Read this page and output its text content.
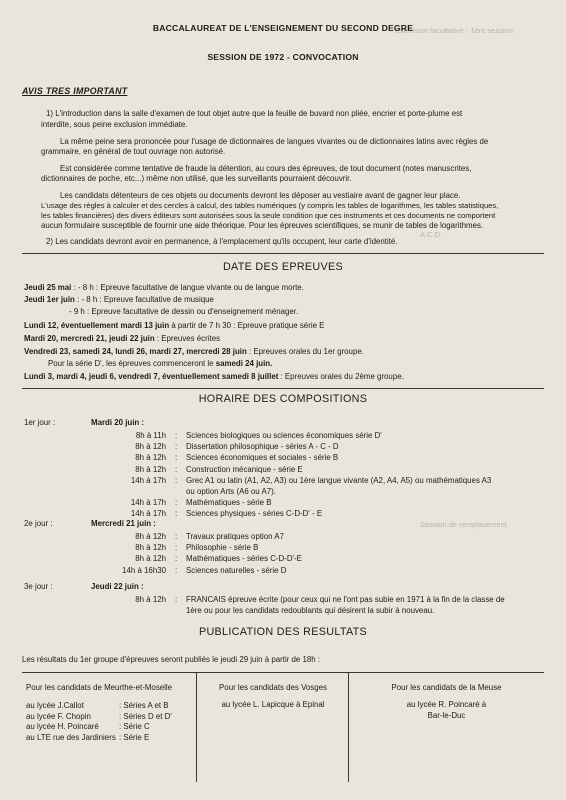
Extension facultative - 1ère session
A.C.D.
Session de remplacement
BACCALAUREAT DE L'ENSEIGNEMENT DU SECOND DEGRE
SESSION DE 1972 - CONVOCATION
AVIS TRES IMPORTANT
1) L'introduction dans la salle d'examen de tout objet autre que la feuille de buvard non pliée, encrier et porte-plume est
interdite, sous peine exclusion immédiate.
La même peine sera prononcée pour l'usage de dictionnaires de langues vivantes ou de dictionnaires latins avec règles de
grammaire, en général de tout ouvrage non autorisé.
Est considérée comme tentative de fraude la détention, au cours des épreuves, de tout document (notes manuscrites,
dictionnaires de poche, etc...) même non utilisé, que les surveillants pourraient découvrir.
Les candidats détenteurs de ces objets ou documents devront les déposer au vestiaire avant de gagner leur place.
L'usage des règles à calculer et des cercles à calcul, des tables numériques (y compris les tables de logarithmes, les tables statistiques,
les tables financières) des divers éditeurs sont autorisées sous la seule condition que ces instruments et ces documents ne comportent
aucun formulaire susceptible de fournir une aide théorique. Pour les épreuves scientifiques, se munir de tables de logarithmes.
2) Les candidats devront avoir en permanence, à l'emplacement qu'ils occupent, leur carte d'identité.
DATE DES EPREUVES
Jeudi 25 mai : - 8 h : Epreuve facultative de langue vivante ou de langue morte.
Jeudi 1er juin : - 8 h : Epreuve facultative de musique
- 9 h : Epreuve facultative de dessin ou d'enseignement ménager.
Lundi 12, éventuellement mardi 13 juin à partir de 7 h 30 : Epreuve pratique série E
Mardi 20, mercredi 21, jeudi 22 juin : Epreuves écrites
Vendredi 23, samedi 24, lundi 26, mardi 27, mercredi 28 juin : Epreuves orales du 1er groupe.
Pour la série D', les épreuves commenceront le samedi 24 juin.
Lundi 3, mardi 4, jeudi 6, vendredi 7, éventuellement samedi 8 juillet : Epreuves orales du 2ème groupe.
HORAIRE DES COMPOSITIONS
1er jour :	Mardi 20 juin :
8h à 11h : Sciences biologiques ou sciences économiques série D'
8h à 12h : Dissertation philosophique - séries A - C - D
8h à 12h : Sciences économiques et sociales - série B
8h à 12h : Construction mécanique - série E
14h à 17h : Grec A1 ou latin (A1, A2, A3) ou 1ère langue vivante (A2, A4, A5) ou mathématiques A3
ou option Arts (A6 ou A7).
14h à 17h : Mathématiques - série B
14h à 17h : Sciences physiques - séries C-D-D' - E
2e jour :	Mercredi 21 juin :
8h à 12h : Travaux pratiques option A7
8h à 12h : Philosophie - série B
8h à 12h : Mathématiques - séries C-D-D'-E
14h à 16h30 : Sciences naturelles - série D
3e jour :	Jeudi 22 juin :
8h à 12h : FRANCAIS épreuve écrite (pour ceux qui ne l'ont pas subie en 1971 à la fin de la classe de
1ère ou pour les candidats redoublants qui désirent la subir à nouveau.
PUBLICATION DES RESULTATS
Les résultats du 1er groupe d'épreuves seront publiés le jeudi 29 juin à partir de 18h :
Pour les candidats de Meurthe-et-Moselle
au lycée J.Callot	: Séries A et B
au lycée F. Chopin	: Séries D et D'
au lycée H. Poincaré	: Série C
au LTE rue des Jardiniers : Série E
Pour les candidats des Vosges
au lycée L. Lapicque à Epinal
Pour les candidats de la Meuse
au lycée R. Poincaré à
Bar-le-Duc
